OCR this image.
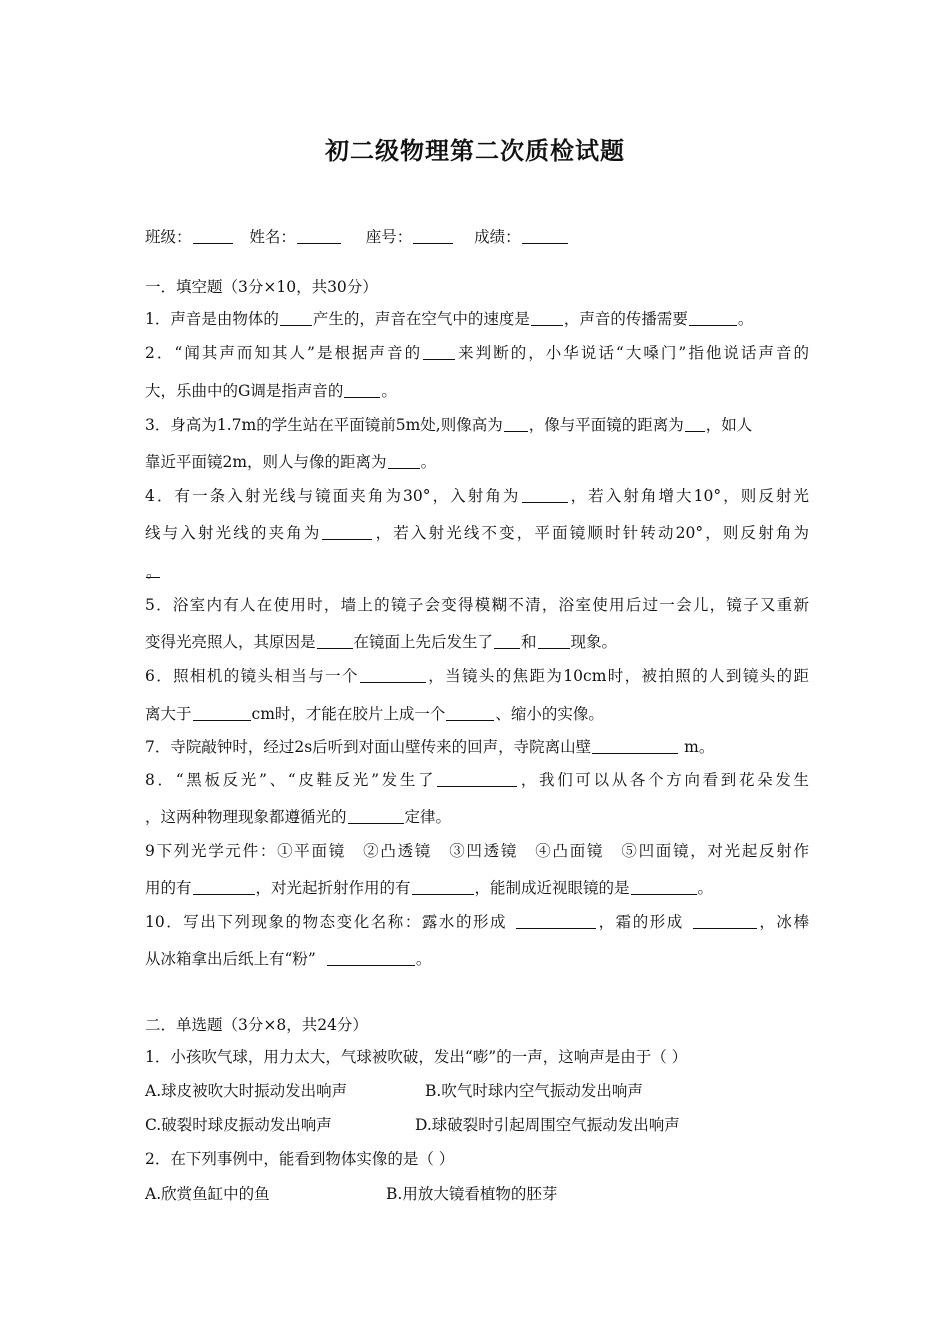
初二级物理第二次质检试题
班级：	姓名：	座号：	成绩：
一．填空题（3分×10，共30分）
1．声音是由物体的 产生的，声音在空气中的速度是 ，声音的传播需要	。
2．“闻其声而知其人”是根据声音的 来判断的，小华说话“大嗓门”指他说话声音的
大，乐曲中的G调是指声音的 。
3．身高为1.7m的学生站在平面镜前5m处,则像高为 ，像与平面镜的距离为 ，如人
靠近平面镜2m，则人与像的距离为 。
4．有一条入射光线与镜面夹角为30°，入射角为	，若入射角增大10°，则反射光
线与入射光线的夹角为	，若入射光线不变，平面镜顺时针转动20°，则反射角为
。
5．浴室内有人在使用时，墙上的镜子会变得模糊不清，浴室使用后过一会儿，镜子又重新
变得光亮照人，其原因是 在镜面上先后发生了 和 现象。
6．照相机的镜头相当与一个	，当镜头的焦距为10cm时，被拍照的人到镜头的距
离大于	cm时，才能在胶片上成一个	、缩小的实像。
7．寺院敲钟时，经过2s后听到对面山壁传来的回声，寺院离山壁	m。
8．“黑板反光”、“皮鞋反光”发生了	，我们可以从各个方向看到花朵发生
，这两种物理现象都遵循光的	定律。
9下列光学元件：①平面镜　②凸透镜　③凹透镜　④凸面镜　⑤凹面镜，对光起反射作
用的有	，对光起折射作用的有	，能制成近视眼镜的是	。
10．写出下列现象的物态变化名称：露水的形成	，霜的形成	，冰棒
从冰箱拿出后纸上有“粉”	。
二．单选题（3分×8，共24分）
1．小孩吹气球，用力太大，气球被吹破，发出“嘭”的一声，这响声是由于（ ）
A.球皮被吹大时振动发出响声	B.吹气时球内空气振动发出响声
C.破裂时球皮振动发出响声	D.球破裂时引起周围空气振动发出响声
2．在下列事例中，能看到物体实像的是（ ）
A.欣赏鱼缸中的鱼	B.用放大镜看植物的胚芽
